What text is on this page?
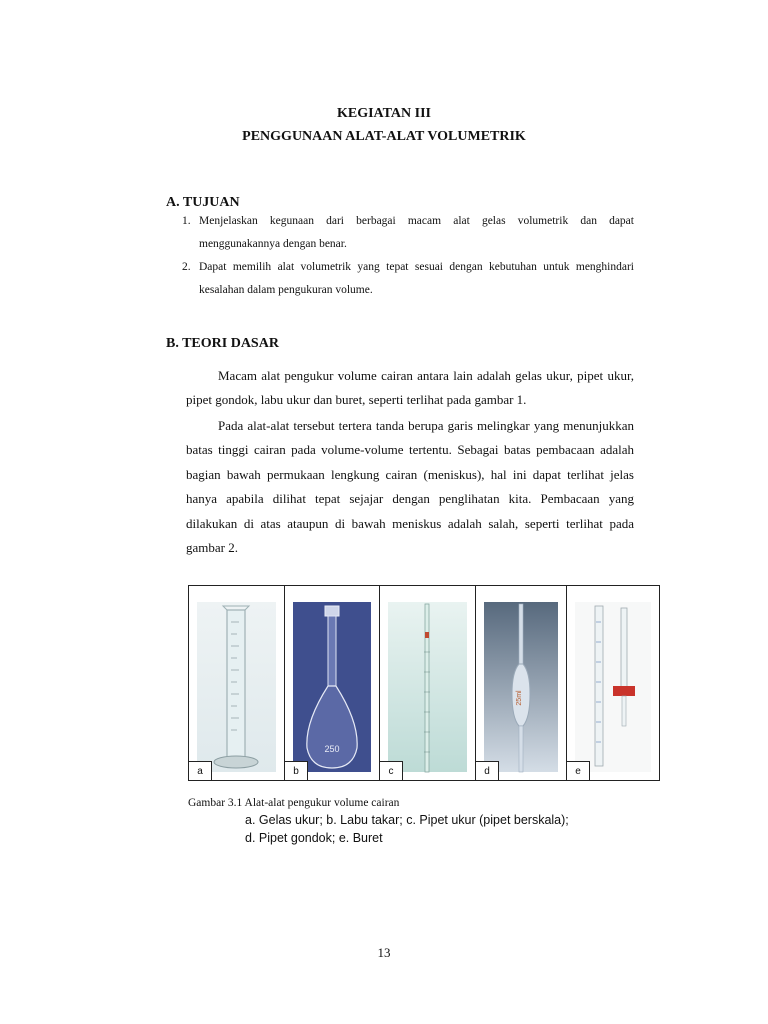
KEGIATAN III
PENGGUNAAN ALAT-ALAT VOLUMETRIK
A. TUJUAN
1. Menjelaskan kegunaan dari berbagai macam alat gelas volumetrik dan dapat menggunakannya dengan benar.
2. Dapat memilih alat volumetrik yang tepat sesuai dengan kebutuhan untuk menghindari kesalahan dalam pengukuran volume.
B. TEORI DASAR

Macam alat pengukur volume cairan antara lain adalah gelas ukur, pipet ukur, pipet gondok, labu ukur dan buret, seperti terlihat pada gambar 1.

Pada alat-alat tersebut tertera tanda berupa garis melingkar yang menunjukkan batas tinggi cairan pada volume-volume tertentu. Sebagai batas pembacaan adalah bagian bawah permukaan lengkung cairan (meniskus), hal ini dapat terlihat jelas hanya apabila dilihat tepat sejajar dengan penglihatan kita. Pembacaan yang dilakukan di atas ataupun di bawah meniskus adalah salah, seperti terlihat pada gambar 2.

a
250
b	c
25ml
d	e
Gambar 3.1 Alat-alat pengukur volume cairan
a. Gelas ukur; b. Labu takar; c. Pipet ukur (pipet berskala);
d. Pipet gondok; e. Buret
13
